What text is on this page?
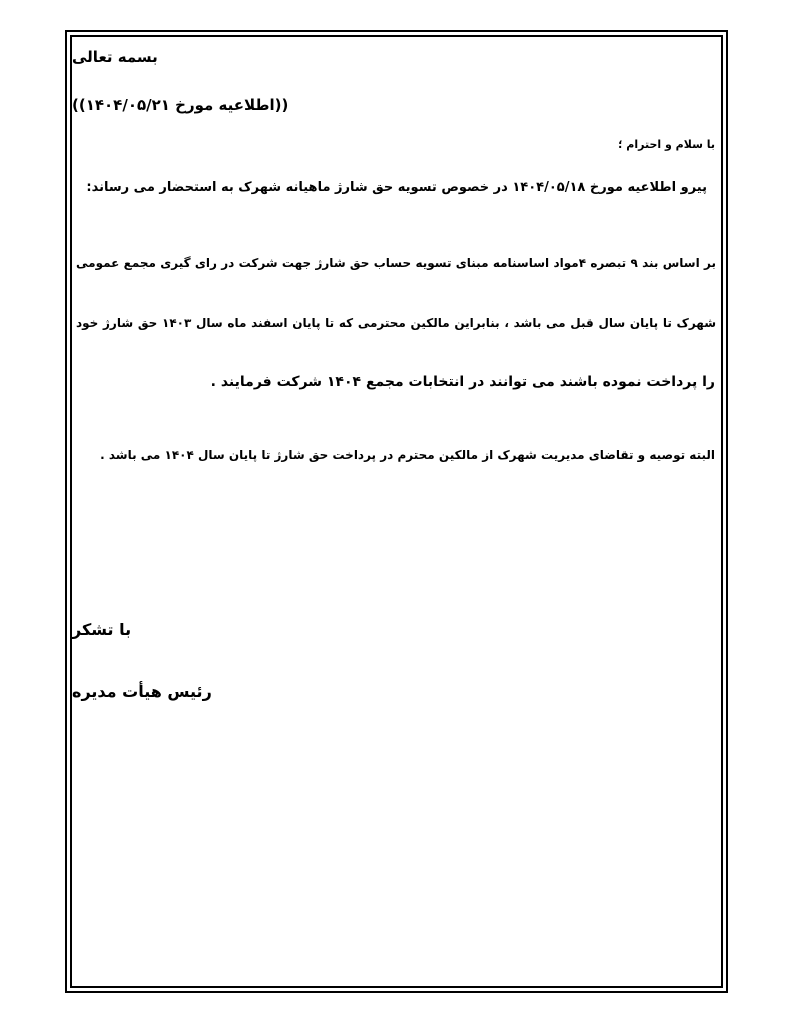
بسمه تعالی
((اطلاعیه مورخ ۱۴۰۴/۰۵/۲۱))
با سلام و احترام ؛
پیرو اطلاعیه مورخ ۱۴۰۴/۰۵/۱۸ در خصوص تسویه حق شارژ ماهیانه شهرک به استحضار می رساند:
بر اساس بند ۹ تبصره ۴مواد اساسنامه مبنای تسویه حساب حق شارژ جهت شرکت در رای گیری مجمع عمومی
شهرک تا پایان سال قبل می باشد ، بنابراین مالکین محترمی که تا پایان اسفند ماه سال ۱۴۰۳ حق شارژ خود
را پرداخت نموده باشند می توانند در انتخابات مجمع ۱۴۰۴ شرکت فرمایند .
البته توصیه و تقاضای مدیریت شهرک از مالکین محترم در پرداخت حق شارژ تا پایان سال ۱۴۰۴ می باشد .
با تشکر
رئیس هیأت مدیره
